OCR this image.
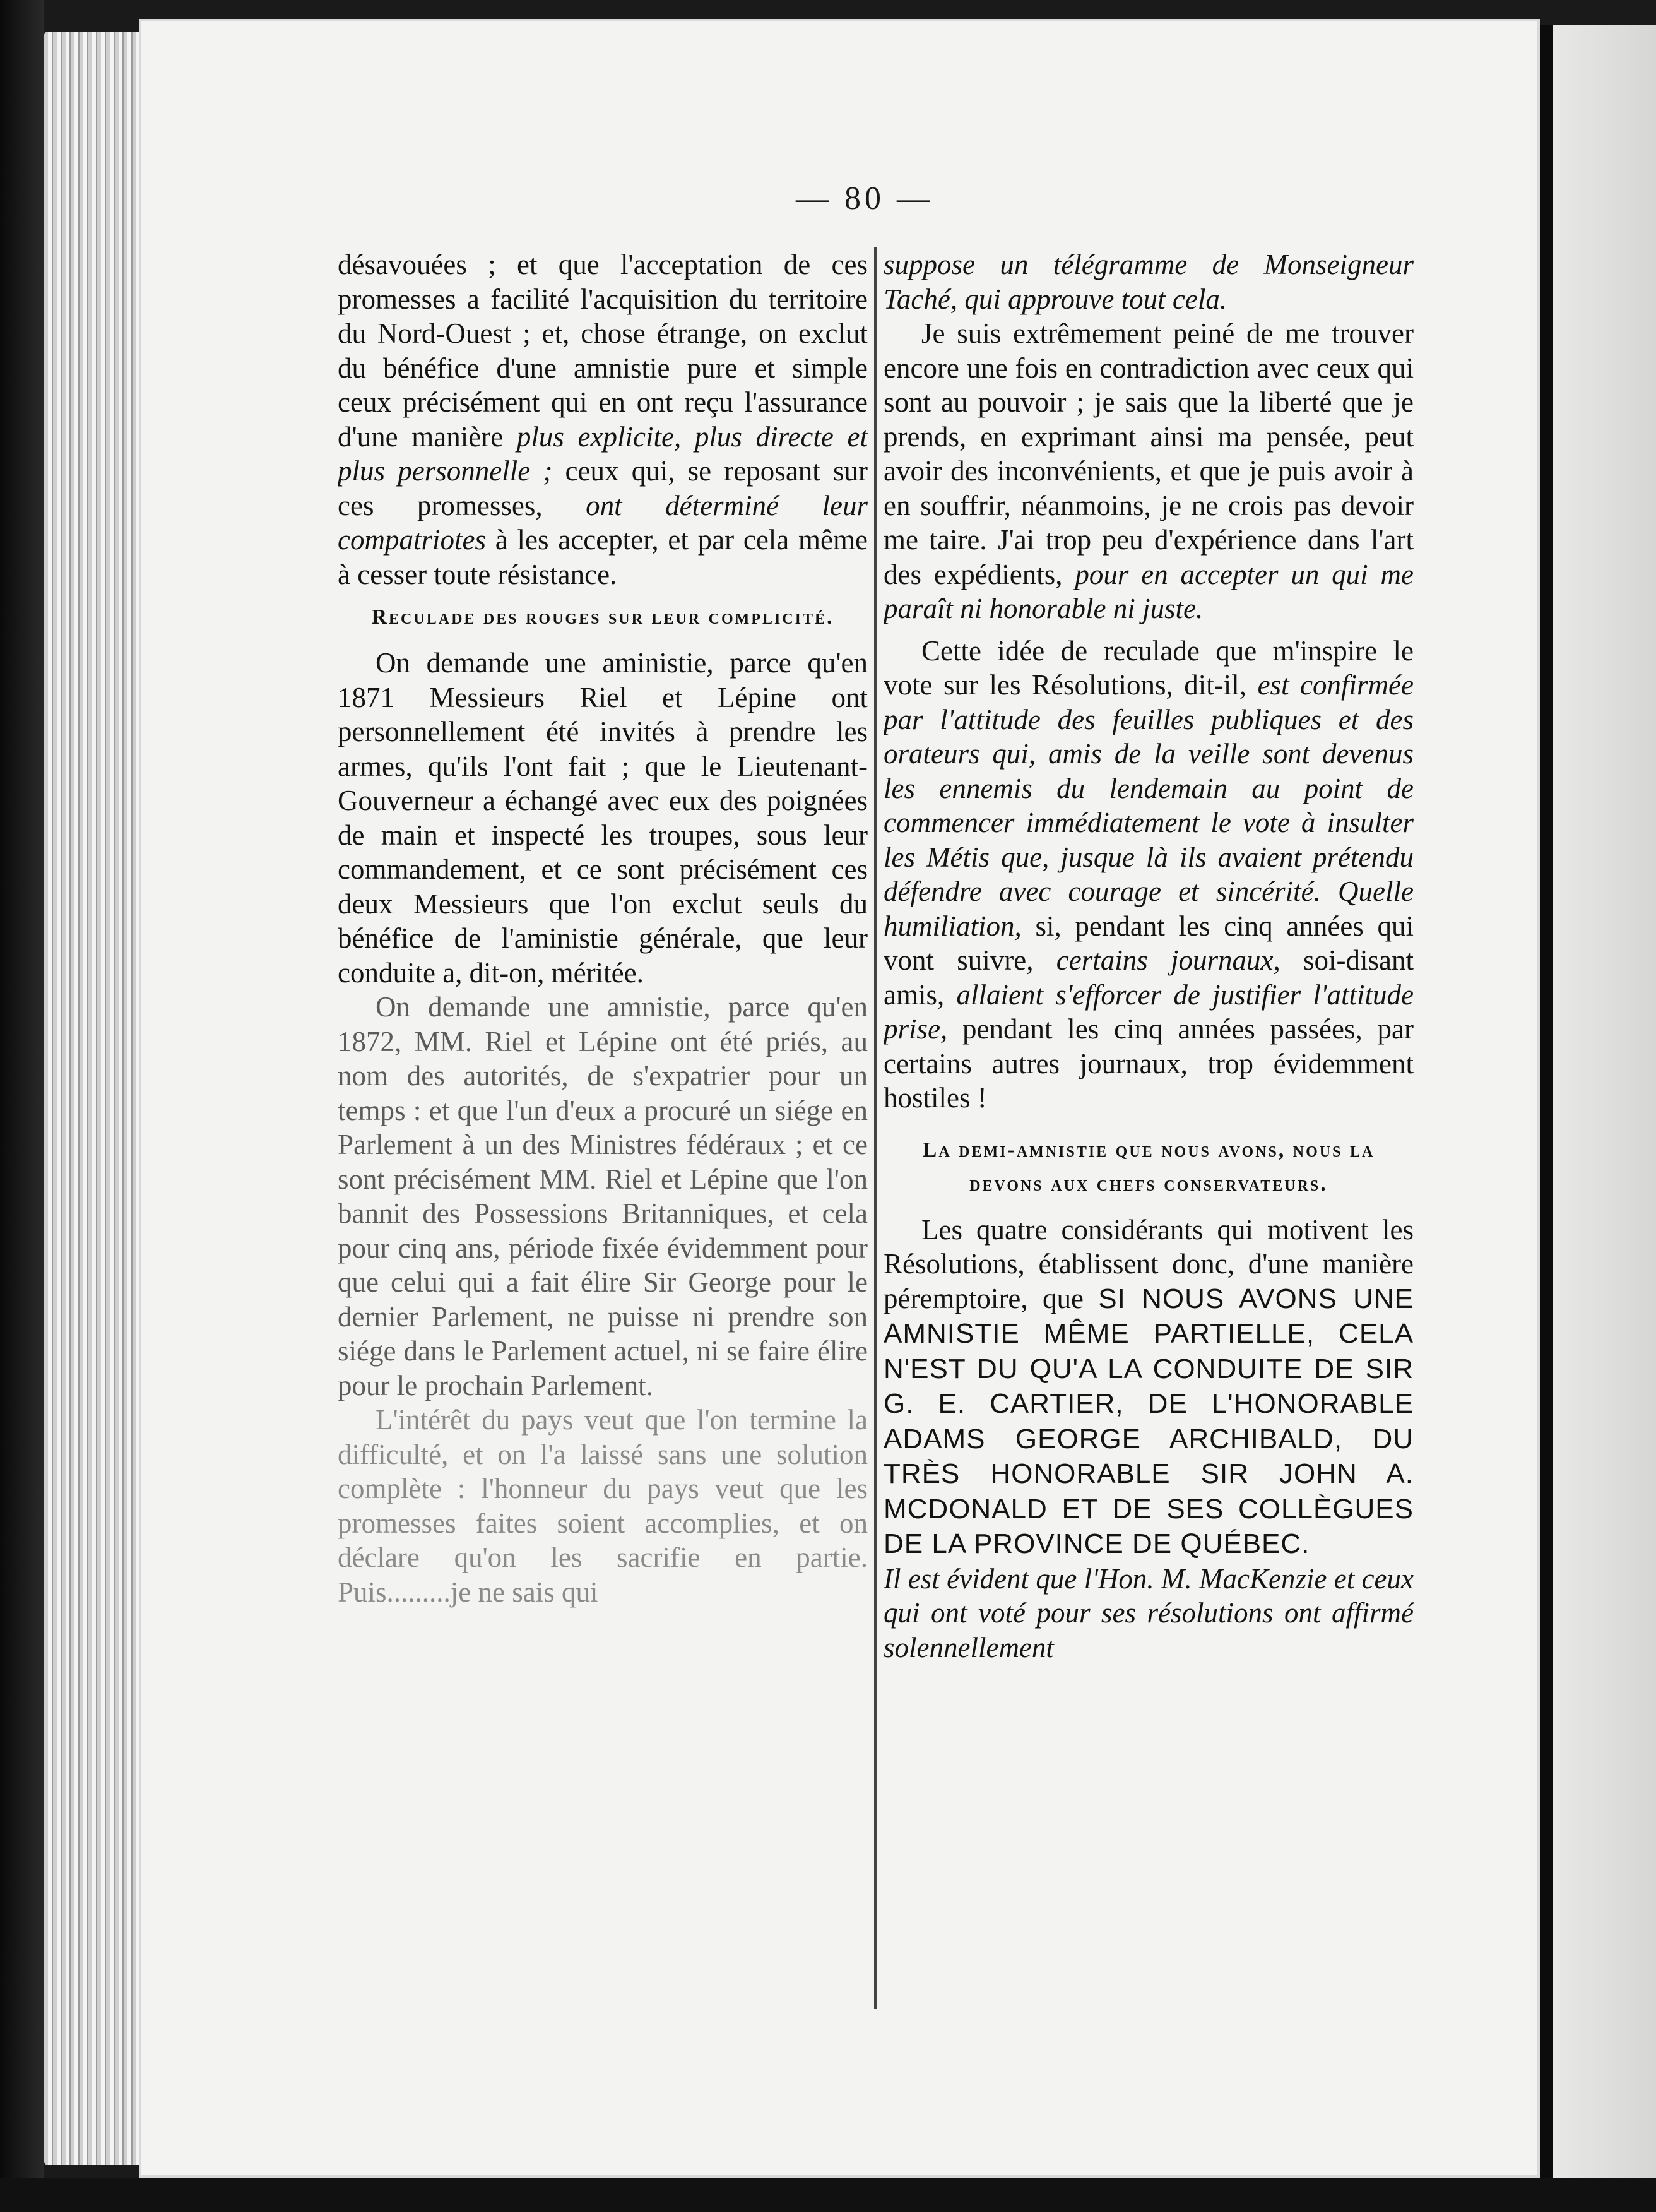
— 80 —

désavouées ; et que l'acceptation de ces promesses a facilité l'acquisition du territoire du Nord-Ouest ; et, chose étrange, on exclut du bénéfice d'une amnistie pure et simple ceux précisément qui en ont reçu l'assurance d'une manière plus explicite, plus directe et plus personnelle ; ceux qui, se reposant sur ces promesses, ont déterminé leur compatriotes à les accepter, et par cela même à cesser toute résistance.

Reculade des rouges sur leur complicité.

On demande une aministie, parce qu'en 1871 Messieurs Riel et Lépine ont personnellement été invités à prendre les armes, qu'ils l'ont fait ; que le Lieutenant-Gouverneur a échangé avec eux des poignées de main et inspecté les troupes, sous leur commandement, et ce sont précisément ces deux Messieurs que l'on exclut seuls du bénéfice de l'aministie générale, que leur conduite a, dit-on, méritée.

On demande une amnistie, parce qu'en 1872, MM. Riel et Lépine ont été priés, au nom des autorités, de s'expatrier pour un temps : et que l'un d'eux a procuré un siége en Parlement à un des Ministres fédéraux ; et ce sont précisément MM. Riel et Lépine que l'on bannit des Possessions Britanniques, et cela pour cinq ans, période fixée évidemment pour que celui qui a fait élire Sir George pour le dernier Parlement, ne puisse ni prendre son siége dans le Parlement actuel, ni se faire élire pour le prochain Parlement.

L'intérêt du pays veut que l'on termine la difficulté, et on l'a laissé sans une solution complète : l'honneur du pays veut que les promesses faites soient accomplies, et on déclare qu'on les sacrifie en partie. Puis.........je ne sais qui

suppose un télégramme de Monseigneur Taché, qui approuve tout cela.

Je suis extrêmement peiné de me trouver encore une fois en contradiction avec ceux qui sont au pouvoir ; je sais que la liberté que je prends, en exprimant ainsi ma pensée, peut avoir des inconvénients, et que je puis avoir à en souffrir, néanmoins, je ne crois pas devoir me taire. J'ai trop peu d'expérience dans l'art des expédients, pour en accepter un qui me paraît ni honorable ni juste.

Cette idée de reculade que m'inspire le vote sur les Résolutions, dit-il, est confirmée par l'attitude des feuilles publiques et des orateurs qui, amis de la veille sont devenus les ennemis du lendemain au point de commencer immédiatement le vote à insulter les Métis que, jusque là ils avaient prétendu défendre avec courage et sincérité. Quelle humiliation, si, pendant les cinq années qui vont suivre, certains journaux, soi-disant amis, allaient s'efforcer de justifier l'attitude prise, pendant les cinq années passées, par certains autres journaux, trop évidemment hostiles !

La demi-amnistie que nous avons, nous la devons aux chefs conservateurs.

Les quatre considérants qui motivent les Résolutions, établissent donc, d'une manière péremptoire, que SI NOUS AVONS UNE AMNISTIE MÊME PARTIELLE, CELA N'EST DU QU'A LA CONDUITE DE SIR G. E. CARTIER, DE L'HONORABLE ADAMS GEORGE ARCHIBALD, DU TRÈS HONORABLE SIR JOHN A. MCDONALD ET DE SES COLLÈGUES DE LA PROVINCE DE QUÉBEC.

Il est évident que l'Hon. M. MacKenzie et ceux qui ont voté pour ses résolutions ont affirmé solennellement
